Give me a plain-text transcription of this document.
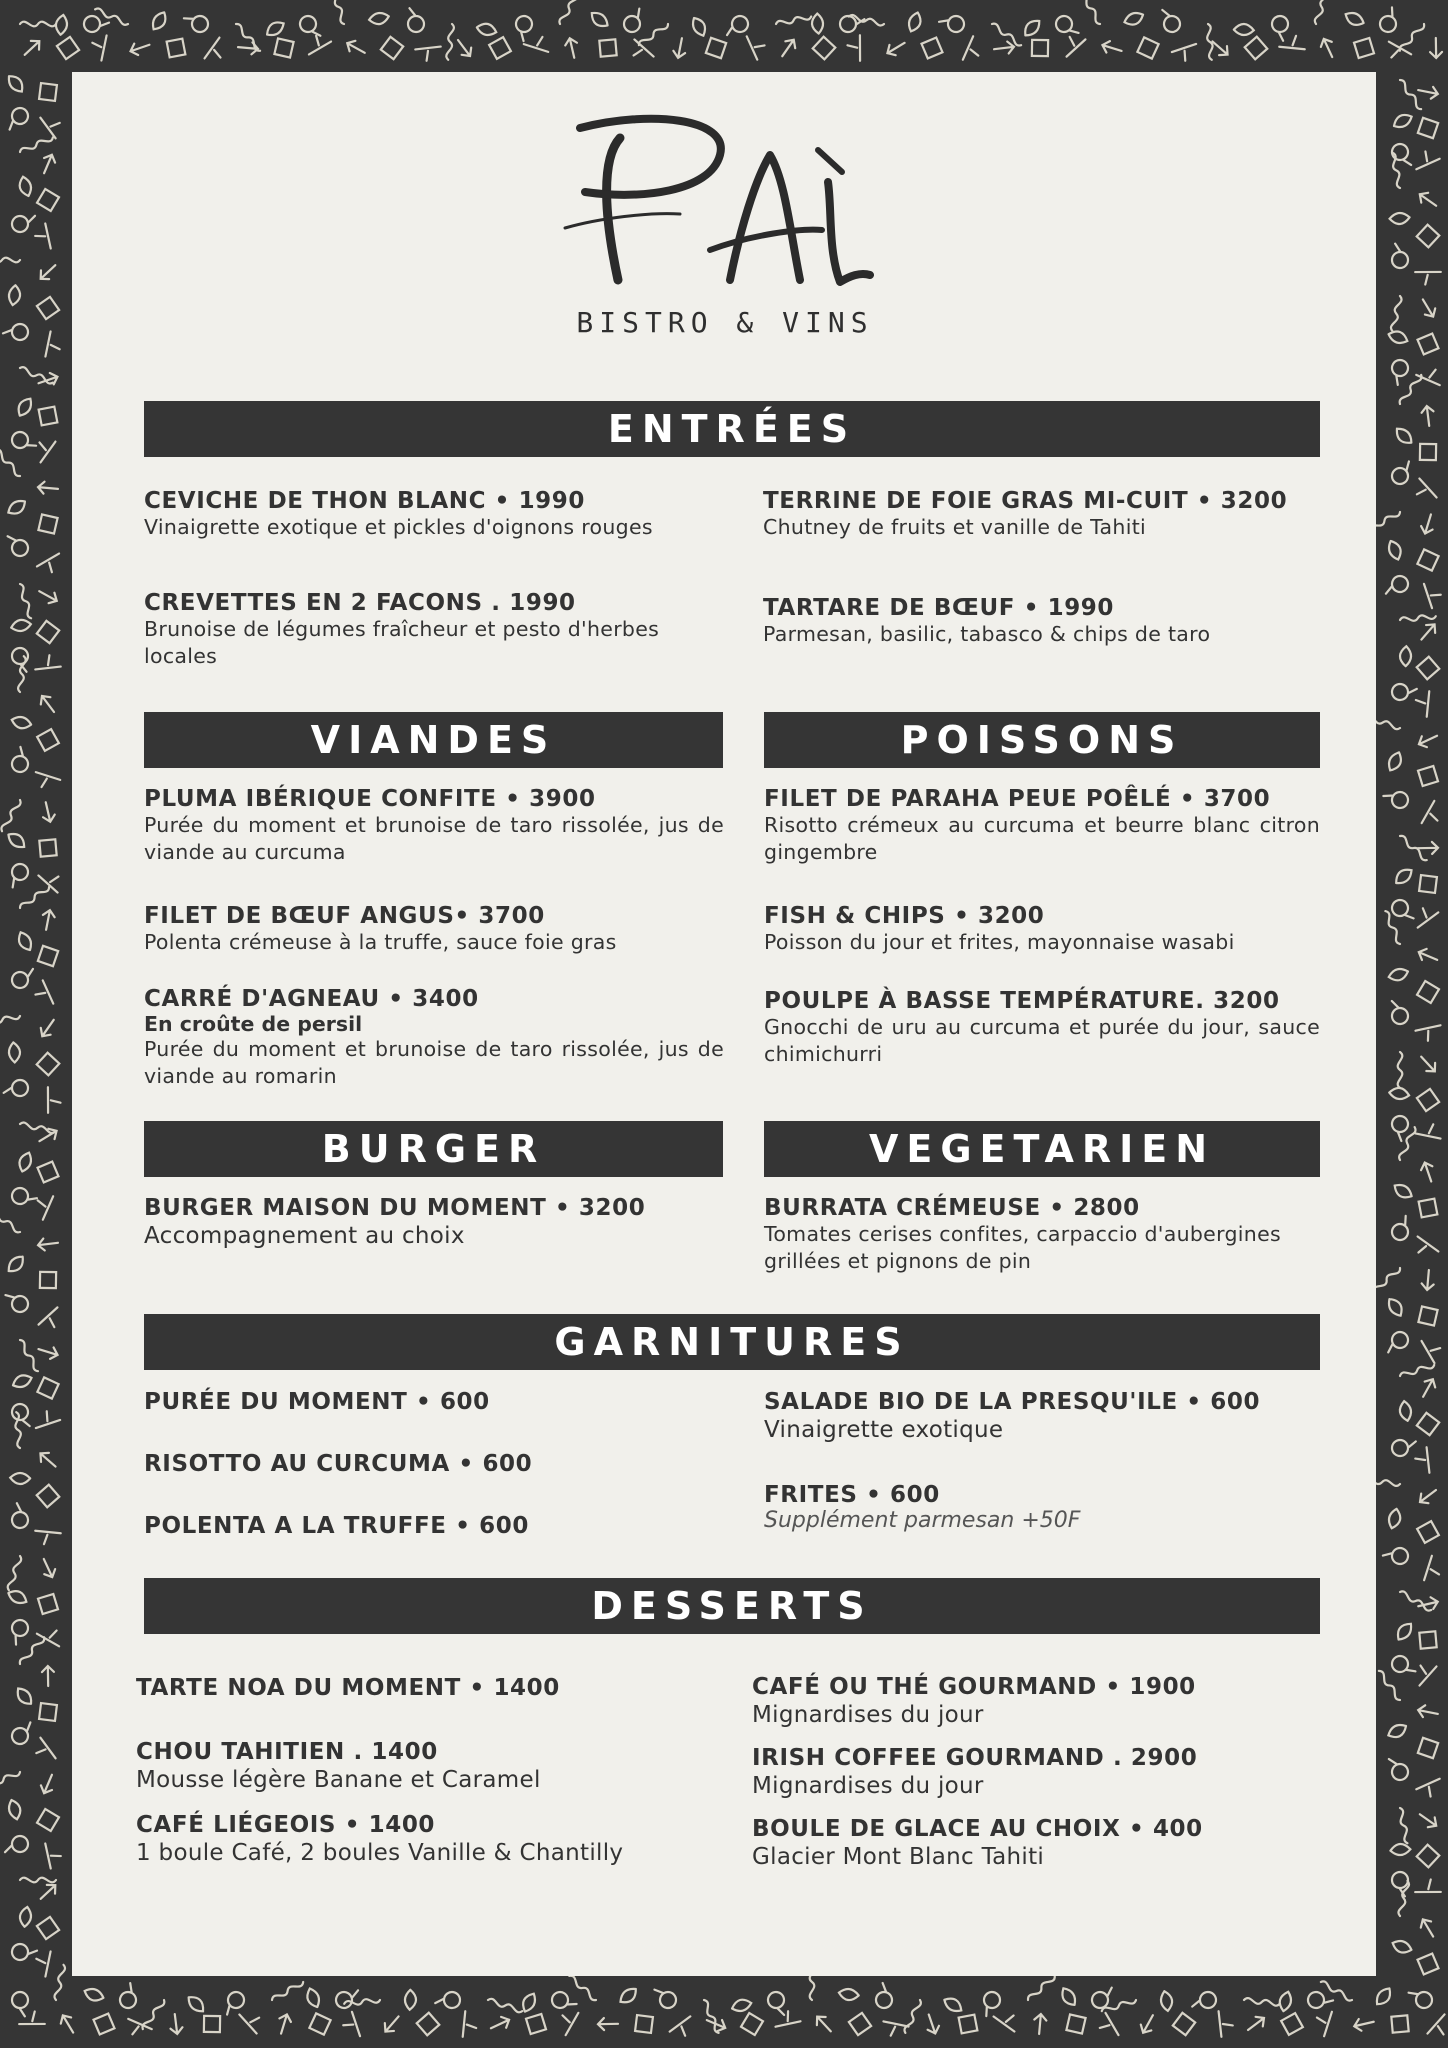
BISTRO & VINS
ENTRÉES
CEVICHE DE THON BLANC • 1990
Vinaigrette exotique et pickles d'oignons rouges
TERRINE DE FOIE GRAS MI-CUIT • 3200
Chutney de fruits et vanille de Tahiti
CREVETTES EN 2 FACONS . 1990
Brunoise de légumes fraîcheur et pesto d'herbes locales
TARTARE DE BŒUF • 1990
Parmesan, basilic, tabasco & chips de taro
VIANDES	POISSONS
PLUMA IBÉRIQUE CONFITE • 3900
Purée du moment et brunoise de taro rissolée, jus de viande au curcuma
FILET DE BŒUF ANGUS• 3700
Polenta crémeuse à la truffe, sauce foie gras
CARRÉ D'AGNEAU • 3400
En croûte de persil
Purée du moment et brunoise de taro rissolée, jus de viande au romarin
FILET DE PARAHA PEUE POÊLÉ • 3700
Risotto crémeux au curcuma et beurre blanc citron gingembre
FISH & CHIPS • 3200
Poisson du jour et frites, mayonnaise wasabi
POULPE À BASSE TEMPÉRATURE. 3200
Gnocchi de uru au curcuma et purée du jour, sauce chimichurri
BURGER	VEGETARIEN
BURGER MAISON DU MOMENT • 3200
Accompagnement au choix
BURRATA CRÉMEUSE • 2800
Tomates cerises confites, carpaccio d'aubergines grillées et pignons de pin
GARNITURES
PURÉE DU MOMENT • 600
RISOTTO AU CURCUMA • 600
POLENTA A LA TRUFFE • 600
SALADE BIO DE LA PRESQU'ILE • 600
Vinaigrette exotique
FRITES • 600
Supplément parmesan +50F
DESSERTS
TARTE NOA DU MOMENT • 1400
CHOU TAHITIEN . 1400
Mousse légère Banane et Caramel
CAFÉ LIÉGEOIS • 1400
1 boule Café, 2 boules Vanille & Chantilly
CAFÉ OU THÉ GOURMAND • 1900
Mignardises du jour
IRISH COFFEE GOURMAND . 2900
Mignardises du jour
BOULE DE GLACE AU CHOIX • 400
Glacier Mont Blanc Tahiti
